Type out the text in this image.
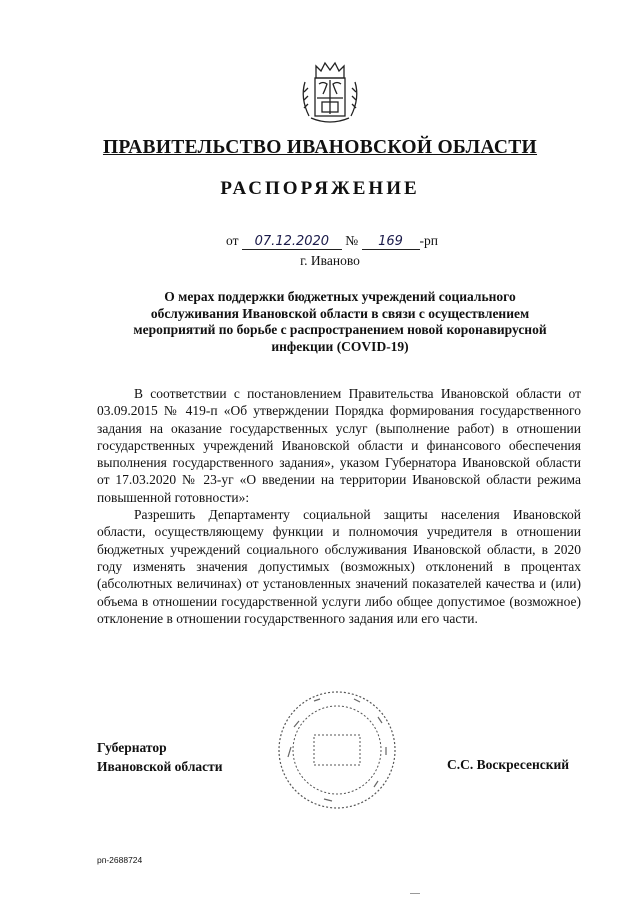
ПРАВИТЕЛЬСТВО ИВАНОВСКОЙ ОБЛАСТИ
РАСПОРЯЖЕНИЕ
от 07.12.2020 № 169 -рп
г. Иваново
О мерах поддержки бюджетных учреждений социального обслуживания Ивановской области в связи с осуществлением мероприятий по борьбе с распространением новой коронавирусной инфекции (COVID-19)

В соответствии с постановлением Правительства Ивановской области от 03.09.2015 № 419-п «Об утверждении Порядка формирования государственного задания на оказание государственных услуг (выполнение работ) в отношении государственных учреждений Ивановской области и финансового обеспечения выполнения государственного задания», указом Губернатора Ивановской области от 17.03.2020 № 23-уг «О введении на территории Ивановской области режима повышенной готовности»:

Разрешить Департаменту социальной защиты населения Ивановской области, осуществляющему функции и полномочия учредителя в отношении бюджетных учреждений социального обслуживания Ивановской области, в 2020 году изменять значения допустимых (возможных) отклонений в процентах (абсолютных величинах) от установленных значений показателей качества и (или) объема в отношении государственной услуги либо общее допустимое (возможное) отклонение в отношении государственного задания или его части.

Губернатор
Ивановской области	С.С. Воскресенский
рп-2688724
